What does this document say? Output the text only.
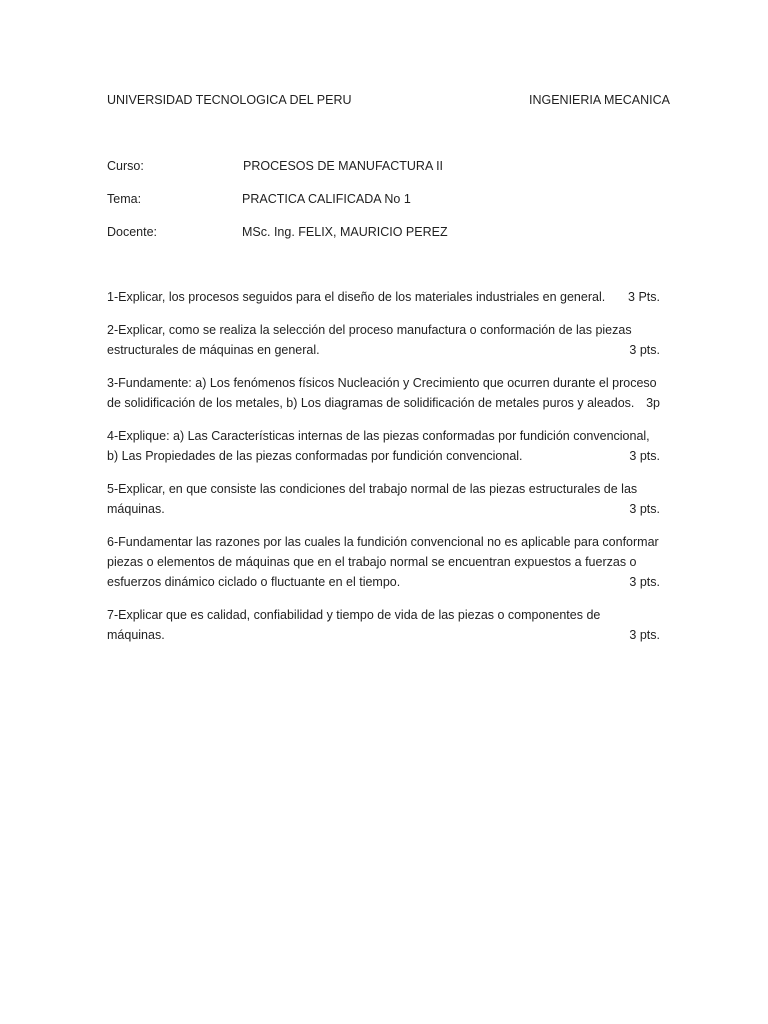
UNIVERSIDAD TECNOLOGICA DEL PERU	INGENIERIA MECANICA
Curso:	PROCESOS DE MANUFACTURA II
Tema:	PRACTICA CALIFICADA No 1
Docente:	MSc. Ing. FELIX, MAURICIO PEREZ
1-Explicar, los procesos seguidos para el diseño de los materiales industriales en general. 3 Pts.
2-Explicar, como se realiza la selección del proceso manufactura o conformación de las piezas
estructurales de máquinas en general.	3 pts.
3-Fundamente: a) Los fenómenos físicos Nucleación y Crecimiento que ocurren durante el proceso
de solidificación de los metales, b) Los diagramas de solidificación de metales puros y aleados. 3p
4-Explique: a) Las Características internas de las piezas conformadas por fundición convencional,
b) Las Propiedades de las piezas conformadas por fundición convencional.	3 pts.
5-Explicar, en que consiste las condiciones del trabajo normal de las piezas estructurales de las
máquinas.	3 pts.
6-Fundamentar las razones por las cuales la fundición convencional no es aplicable para conformar
piezas o elementos de máquinas que en el trabajo normal se encuentran expuestos a fuerzas o
esfuerzos dinámico ciclado o fluctuante en el tiempo.	3 pts.
7-Explicar que es calidad, confiabilidad y tiempo de vida de las piezas o componentes de
máquinas.	3 pts.
